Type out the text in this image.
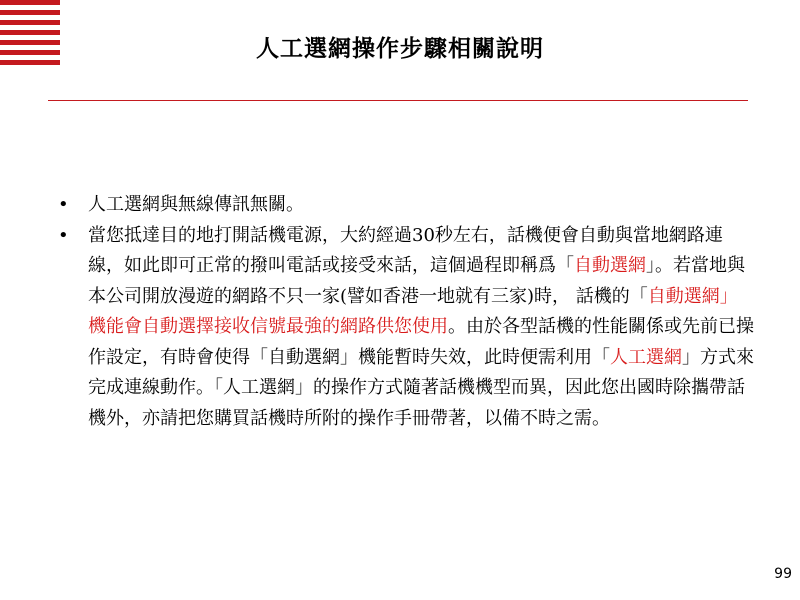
人工選網操作步驟相關說明
• 人工選網與無線傳訊無關。
• 當您抵達目的地打開話機電源，大約經過30秒左右，話機便會自動與當地網路連線，如此即可正常的撥叫電話或接受來話，這個過程即稱爲「自動選網」。若當地與本公司開放漫遊的網路不只一家(譬如香港一地就有三家)時， 話機的「自動選網」 機能會自動選擇接收信號最強的網路供您使用。由於各型話機的性能關係或先前已操作設定，有時會使得「自動選網」機能暫時失效，此時便需利用「人工選網」方式來完成連線動作。「人工選網」的操作方式隨著話機機型而異，因此您出國時除攜帶話機外，亦請把您購買話機時所附的操作手冊帶著，以備不時之需。
99
